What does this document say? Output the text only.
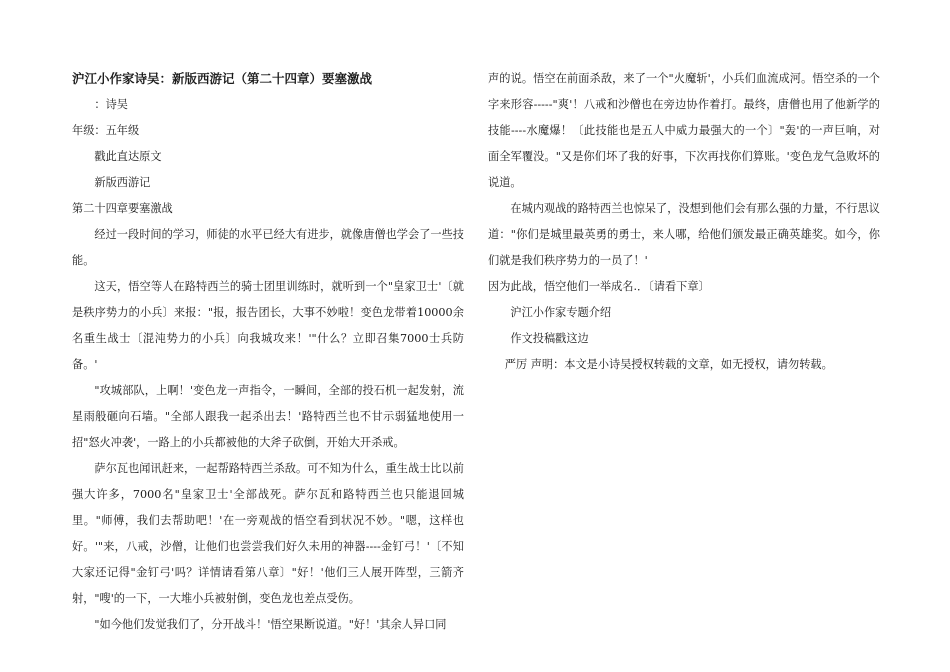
沪江小作家诗吴：新版西游记（第二十四章）要塞激战

：诗吴

年级：五年级

戳此直达原文

新版西游记

第二十四章要塞激战

经过一段时间的学习，师徒的水平已经大有进步，就像唐僧也学会了一些技能。

这天，悟空等人在路特西兰的骑士团里训练时，就听到一个"皇家卫士'〔就是秩序势力的小兵〕来报："报，报告团长，大事不妙啦！变色龙带着10000余名重生战士〔混沌势力的小兵〕向我城攻来！'"什么？立即召集7000士兵防备。'

"攻城部队，上啊！'变色龙一声指令，一瞬间，全部的投石机一起发射，流星雨般砸向石墙。"全部人跟我一起杀出去！'路特西兰也不甘示弱猛地使用一招"怒火冲袭'，一路上的小兵都被他的大斧子砍倒，开始大开杀戒。

萨尔瓦也闻讯赶来，一起帮路特西兰杀敌。可不知为什么，重生战士比以前强大许多，7000名"皇家卫士'全部战死。萨尔瓦和路特西兰也只能退回城里。"师傅，我们去帮助吧！'在一旁观战的悟空看到状况不妙。"嗯，这样也好。'"来，八戒，沙僧，让他们也尝尝我们好久未用的神器----金钉弓！'〔不知大家还记得"金钉弓'吗？详情请看第八章〕"好！'他们三人展开阵型，三箭齐射，"嗖'的一下，一大堆小兵被射倒，变色龙也差点受伤。

"如今他们发觉我们了，分开战斗！'悟空果断说道。"好！'其余人异口同

声的说。悟空在前面杀敌，来了一个"火魔斩'，小兵们血流成河。悟空杀的一个字来形容-----"爽'！八戒和沙僧也在旁边协作着打。最终，唐僧也用了他新学的技能----水魔爆！〔此技能也是五人中威力最强大的一个〕"轰'的一声巨响，对面全军覆没。"又是你们坏了我的好事，下次再找你们算账。'变色龙气急败坏的说道。

在城内观战的路特西兰也惊呆了，没想到他们会有那么强的力量，不行思议道："你们是城里最英勇的勇士，来人哪，给他们颁发最正确英雄奖。如今，你们就是我们秩序势力的一员了！'

因为此战，悟空他们一举成名.．〔请看下章〕

沪江小作家专题介绍

作文投稿戳这边

严厉 声明：本文是小诗吴授权转载的文章，如无授权，请勿转载。
